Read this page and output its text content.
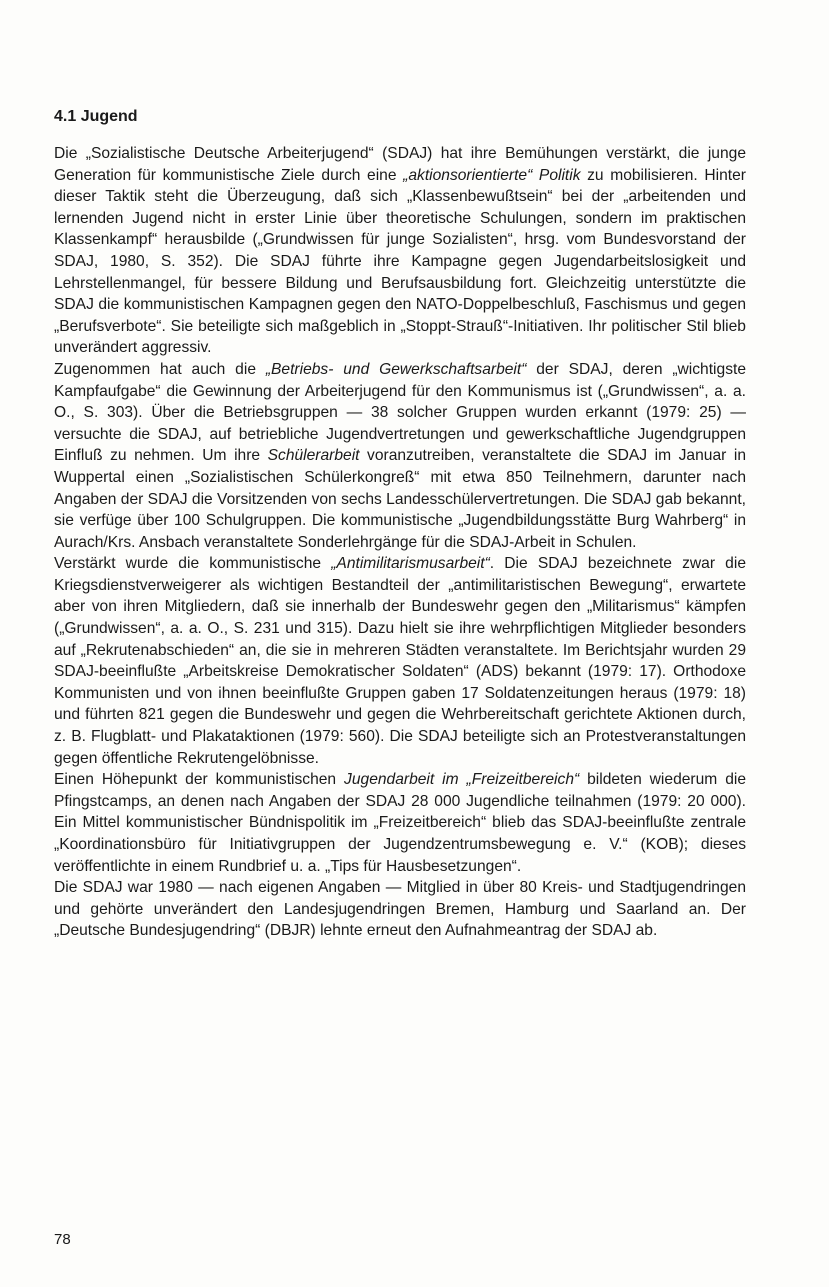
4.1 Jugend

Die „Sozialistische Deutsche Arbeiterjugend“ (SDAJ) hat ihre Bemühungen verstärkt, die junge Generation für kommunistische Ziele durch eine „aktionsorientierte“ Politik zu mobilisieren. Hinter dieser Taktik steht die Überzeugung, daß sich „Klassenbewußtsein“ bei der „arbeitenden und lernenden Jugend nicht in erster Linie über theoretische Schulungen, sondern im praktischen Klassenkampf“ herausbilde („Grundwissen für junge Sozialisten“, hrsg. vom Bundesvorstand der SDAJ, 1980, S. 352). Die SDAJ führte ihre Kampagne gegen Jugendarbeitslosigkeit und Lehrstellenmangel, für bessere Bildung und Berufsausbildung fort. Gleichzeitig unterstützte die SDAJ die kommunistischen Kampagnen gegen den NATO-Doppelbeschluß, Faschismus und gegen „Berufsverbote“. Sie beteiligte sich maßgeblich in „Stoppt-Strauß“-Initiativen. Ihr politischer Stil blieb unverändert aggressiv.

Zugenommen hat auch die „Betriebs- und Gewerkschaftsarbeit“ der SDAJ, deren „wichtigste Kampfaufgabe“ die Gewinnung der Arbeiterjugend für den Kommunismus ist („Grundwissen“, a. a. O., S. 303). Über die Betriebsgruppen — 38 solcher Gruppen wurden erkannt (1979: 25) — versuchte die SDAJ, auf betriebliche Jugendvertretungen und gewerkschaftliche Jugendgruppen Einfluß zu nehmen. Um ihre Schülerarbeit voranzutreiben, veranstaltete die SDAJ im Januar in Wuppertal einen „Sozialistischen Schülerkongreß“ mit etwa 850 Teilnehmern, darunter nach Angaben der SDAJ die Vorsitzenden von sechs Landesschülervertretungen. Die SDAJ gab bekannt, sie verfüge über 100 Schulgruppen. Die kommunistische „Jugendbildungsstätte Burg Wahrberg“ in Aurach/Krs. Ansbach veranstaltete Sonderlehrgänge für die SDAJ-Arbeit in Schulen.

Verstärkt wurde die kommunistische „Antimilitarismusarbeit“. Die SDAJ bezeichnete zwar die Kriegsdienstverweigerer als wichtigen Bestandteil der „antimilitaristischen Bewegung“, erwartete aber von ihren Mitgliedern, daß sie innerhalb der Bundeswehr gegen den „Militarismus“ kämpfen („Grundwissen“, a. a. O., S. 231 und 315). Dazu hielt sie ihre wehrpflichtigen Mitglieder besonders auf „Rekrutenabschieden“ an, die sie in mehreren Städten veranstaltete. Im Berichtsjahr wurden 29 SDAJ-beeinflußte „Arbeitskreise Demokratischer Soldaten“ (ADS) bekannt (1979: 17). Orthodoxe Kommunisten und von ihnen beeinflußte Gruppen gaben 17 Soldatenzeitungen heraus (1979: 18) und führten 821 gegen die Bundeswehr und gegen die Wehrbereitschaft gerichtete Aktionen durch, z. B. Flugblatt- und Plakataktionen (1979: 560). Die SDAJ beteiligte sich an Protestveranstaltungen gegen öffentliche Rekrutengelöbnisse.

Einen Höhepunkt der kommunistischen Jugendarbeit im „Freizeitbereich“ bildeten wiederum die Pfingstcamps, an denen nach Angaben der SDAJ 28 000 Jugendliche teilnahmen (1979: 20 000). Ein Mittel kommunistischer Bündnispolitik im „Freizeitbereich“ blieb das SDAJ-beeinflußte zentrale „Koordinationsbüro für Initiativgruppen der Jugendzentrumsbewegung e. V.“ (KOB); dieses veröffentlichte in einem Rundbrief u. a. „Tips für Hausbesetzungen“.

Die SDAJ war 1980 — nach eigenen Angaben — Mitglied in über 80 Kreis- und Stadtjugendringen und gehörte unverändert den Landesjugendringen Bremen, Hamburg und Saarland an. Der „Deutsche Bundesjugendring“ (DBJR) lehnte erneut den Aufnahmeantrag der SDAJ ab.

78
